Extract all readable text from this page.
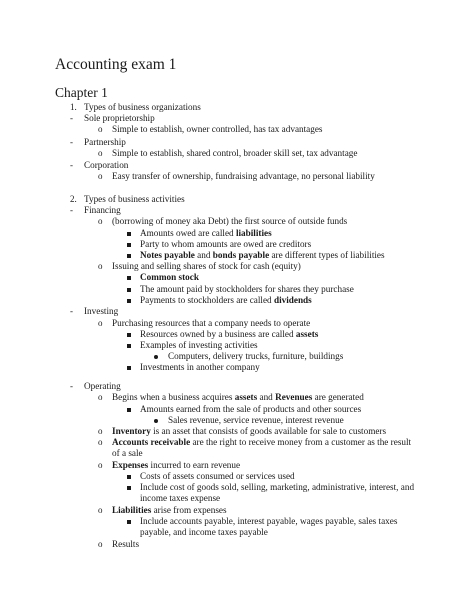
Accounting exam 1
Chapter 1
1. Types of business organizations
- Sole proprietorship
o Simple to establish, owner controlled, has tax advantages
- Partnership
o Simple to establish, shared control, broader skill set, tax advantage
- Corporation
o Easy transfer of ownership, fundraising advantage, no personal liability
2. Types of business activities
- Financing
o (borrowing of money aka Debt) the first source of outside funds
Amounts owed are called liabilities
Party to whom amounts are owed are creditors
Notes payable and bonds payable are different types of liabilities
o Issuing and selling shares of stock for cash (equity)
Common stock
The amount paid by stockholders for shares they purchase
Payments to stockholders are called dividends
- Investing
o Purchasing resources that a company needs to operate
Resources owned by a business are called assets
Examples of investing activities
Computers, delivery trucks, furniture, buildings
Investments in another company
- Operating
o Begins when a business acquires assets and Revenues are generated
Amounts earned from the sale of products and other sources
Sales revenue, service revenue, interest revenue
o Inventory is an asset that consists of goods available for sale to customers
o Accounts receivable are the right to receive money from a customer as the result
of a sale
o Expenses incurred to earn revenue
Costs of assets consumed or services used
Include cost of goods sold, selling, marketing, administrative, interest, and
income taxes expense
o Liabilities arise from expenses
Include accounts payable, interest payable, wages payable, sales taxes
payable, and income taxes payable
o Results
